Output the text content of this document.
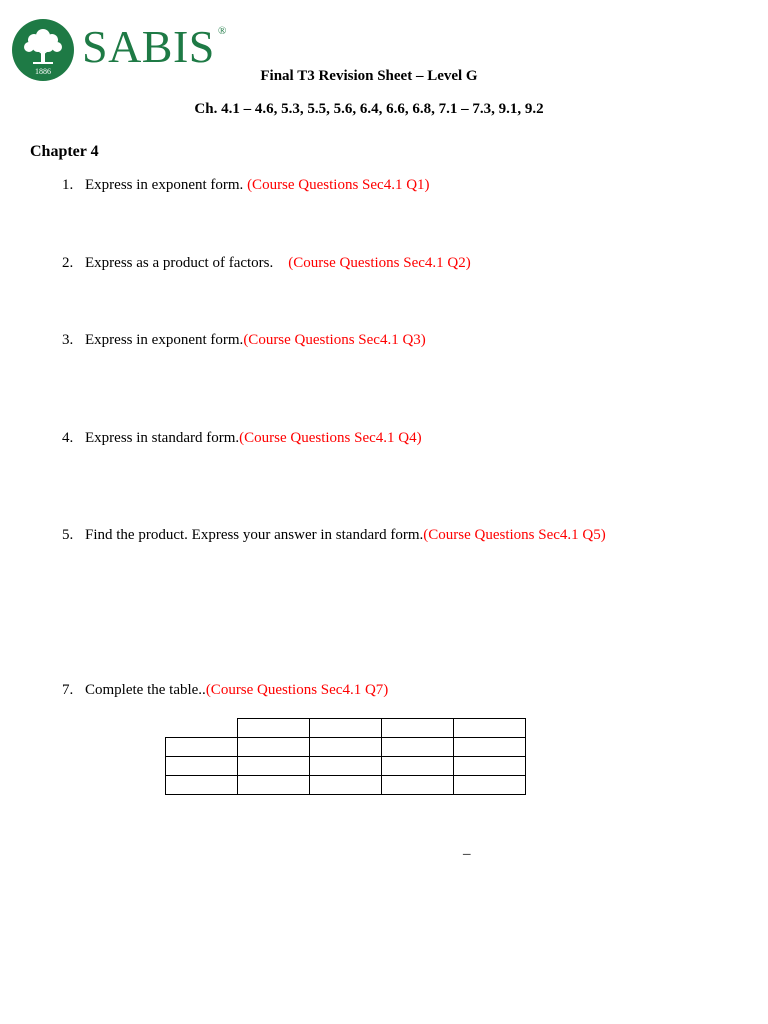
1886 SABIS ®
Final T3 Revision Sheet – Level G
Ch. 4.1 – 4.6, 5.3, 5.5, 5.6, 6.4, 6.6, 6.8, 7.1 – 7.3, 9.1, 9.2
Chapter 4
1. Express in exponent form. (Course Questions Sec4.1 Q1)
2. Express as a product of factors.    (Course Questions Sec4.1 Q2)
3. Express in exponent form.(Course Questions Sec4.1 Q3)
4. Express in standard form.(Course Questions Sec4.1 Q4)
5. Find the product. Express your answer in standard form.(Course Questions Sec4.1 Q5)
7. Complete the table..(Course Questions Sec4.1 Q7)

_
